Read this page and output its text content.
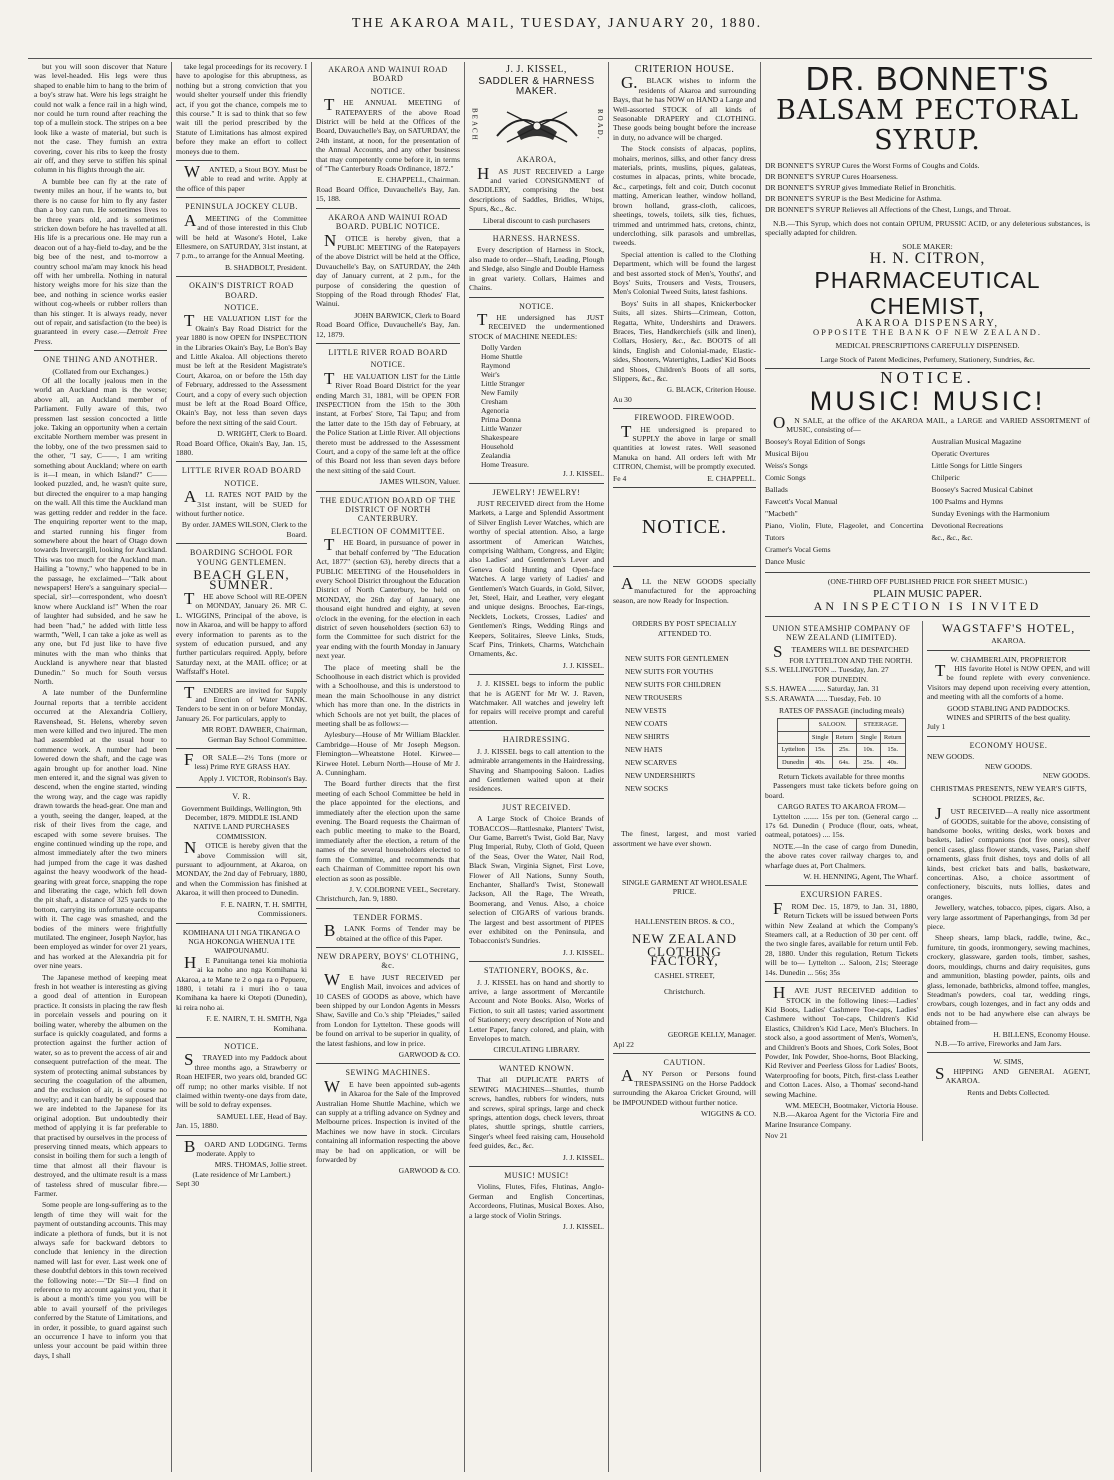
THE AKAROA MAIL, TUESDAY, JANUARY 20, 1880.

but you will soon discover that Nature was level-headed. His legs were thus shaped to enable him to hang to the brim of a boy's straw hat. Were his legs straight he could not walk a fence rail in a high wind, nor could he turn round after reaching the top of a mullein stock. The stripes on a bee look like a waste of material, but such is not the case. They furnish an extra covering, cover his ribs to keep the frosty air off, and they serve to stiffen his spinal column in his flights through the air.

A bumble bee can fly at the rate of twenty miles an hour, if he wants to, but there is no cause for him to fly any faster than a boy can run. He sometimes lives to be three years old, and is sometimes stricken down before he has travelled at all. His life is a precarious one. He may run a deacon out of a hay-field to-day, and be the big bee of the nest, and to-morrow a country school ma'am may knock his head off with her umbrella. Nothing in natural history weighs more for his size than the bee, and nothing in science works easier without cog-wheels or rubber rollers than than his stinger. It is always ready, never out of repair, and satisfaction (to the bee) is guaranteed in every case.—Detroit Free Press.

ONE THING AND ANOTHER.
(Collated from our Exchanges.)

Of all the locally jealous men in the world an Auckland man is the worse; above all, an Auckland member of Parliament. Fully aware of this, two pressmen last session concocted a little joke. Taking an opportunity when a certain excitable Northern member was present in the lobby, one of the two pressmen said to the other, "I say, C——, I am writing something about Auckland; where on earth is it—I mean, in which Island?" C——looked puzzled, and, he wasn't quite sure, but directed the enquirer to a map hanging on the wall. All this time the Auckland man was getting redder and redder in the face. The enquiring reporter went to the map, and started running his finger from somewhere about the heart of Otago down towards Invercargill, looking for Auckland. This was too much for the Auckland man. Hailing a "towny," who happened to be in the passage, he exclaimed—"Talk about newspapers! Here's a sanguinary special—special, sir!—correspondent, who doesn't know where Auckland is!" When the roar of laughter had subsided, and he saw he had been "had," he added with little less warmth, "Well, I can take a joke as well as any one, but I'd just like to have five minutes with the man who thinks that Auckland is anywhere near that blasted Dunedin." So much for South versus North.

A late number of the Dunfermline Journal reports that a terrible accident occurred at the Alexandria Colliery, Ravenshead, St. Helens, whereby seven men were killed and two injured. The men had assembled at the usual hour to commence work. A number had been lowered down the shaft, and the cage was again brought up for another load. Nine men entered it, and the signal was given to descend, when the engine started, winding the wrong way, and the cage was rapidly drawn towards the head-gear. One man and a youth, seeing the danger, leaped, at the risk of their lives from the cage, and escaped with some severe bruises. The engine continued winding up the rope, and almost immediately after the two miners had jumped from the cage it was dashed against the heavy woodwork of the head-gearing with great force, snapping the rope and liberating the cage, which fell down the pit shaft, a distance of 325 yards to the bottom, carrying its unfortunate occupants with it. The cage was smashed, and the bodies of the miners were frightfully mutilated. The engineer, Joseph Naylor, has been employed as winder for over 21 years, and has worked at the Alexandria pit for over nine years.

The Japanese method of keeping meat fresh in hot weather is interesting as giving a good deal of attention in European practice. It consists in placing the raw flesh in porcelain vessels and pouring on it boiling water, whereby the albumen on the surface is quickly coagulated, and forms a protection against the further action of water, so as to prevent the access of air and consequent putrefaction of the meat. The system of protecting animal substances by securing the coagulation of the albumen, and the exclusion of air, is of course no novelty; and it can hardly be supposed that we are indebted to the Japanese for its original adoption. But undoubtedly their method of applying it is far preferable to that practised by ourselves in the process of preserving tinned meats, which appears to consist in boiling them for such a length of time that almost all their flavour is destroyed, and the ultimate result is a mass of tasteless shred of muscular fibre.—Farmer.

Some people are long-suffering as to the length of time they will wait for the payment of outstanding accounts. This may indicate a plethora of funds, but it is not always safe for backward debtors to conclude that leniency in the direction named will last for ever. Last week one of these doubtful debtors in this town received the following note:—"Dr Sir—I find on reference to my account against you, that it is about a month's time you you will be able to avail yourself of the privileges conferred by the Statute of Limitations, and in order, it possible, to guard against such an occurrence I have to inform you that unless your account be paid within three days, I shall

take legal proceedings for its recovery. I have to apologise for this abruptness, as nothing but a strong conviction that you would shelter yourself under this friendly act, if you got the chance, compels me to this course." It is sad to think that so few wait till the period prescribed by the Statute of Limitations has almost expired before they make an effort to collect moneys due to them.

WANTED, a Stout BOY. Must be able to read and write. Apply at the office of this paper

PENINSULA JOCKEY CLUB.

AMEETING of the Committee and of those interested in this Club will be held at Wasone's Hotel, Lake Ellesmere, on SATURDAY, 31st instant, at 7 p.m., to arrange for the Annual Meeting.

B. SHADBOLT, President.
OKAIN'S DISTRICT ROAD BOARD.
NOTICE.

THE VALUATION LIST for the Okain's Bay Road District for the year 1880 is now OPEN for INSPECTION in the Libraries Okain's Bay, Le Bon's Bay and Little Akaloa. All objections thereto must be left at the Resident Magistrate's Court, Akaroa, on or before the 15th day of February, addressed to the Assessment Court, and a copy of every such objection must be left at the Road Board Office, Okain's Bay, not less than seven days before the next sitting of the said Court.

D. WRIGHT, Clerk to Board.
Road Board Office, Okain's Bay, Jan. 15, 1880.
LITTLE RIVER ROAD BOARD
NOTICE.

ALL RATES NOT PAID by the 31st instant, will be SUED for without further notice.

By order. JAMES WILSON, Clerk to the Board.
BOARDING SCHOOL FOR YOUNG GENTLEMEN.
BEACH GLEN, SUMNER.

THE above School will RE-OPEN on MONDAY, January 26. MR C. L. WIGGINS, Principal of the above, is now in Akaroa, and will be happy to afford every information to parents as to the system of education pursued, and any further particulars required. Apply, before Saturday next, at the MAIL office; or at Waffstaff's Hotel.

TENDERS are invited for Supply and Erection of Water TANK. Tenders to be sent in on or before Monday, January 26. For particulars, apply to

MR ROBT. DAWBER, Chairman, German Bay School Committee.

FOR SALE—2½ Tons (more or less) Prime RYE GRASS HAY.

Apply J. VICTOR, Robinson's Bay.
V. R.
Government Buildings, Wellington, 9th December, 1879. MIDDLE ISLAND NATIVE LAND PURCHASES COMMISSION.

NOTICE is hereby given that the above Commission will sit, pursuant to adjournment, at Akaroa, on MONDAY, the 2nd day of February, 1880, and when the Commission has finished at Akaroa, it will then proceed to Dunedin.

F. E. NAIRN, T. H. SMITH, Commissioners.
KOMIHANA UI I NGA TIKANGA O NGA HOKONGA WHENUA I TE WAIPOUNAMU.

HE Panuitanga tenei kia mohiotia ai ka noho ano nga Komihana ki Akaroa, a te Mane te 2 o nga ra o Pepuere, 1880, i tetahi ra i muri iho o taua Komihana ka haere ki Otepoti (Dunedin), ki reira noho ai.

F. E. NAIRN, T. H. SMITH, Nga Komihana.
NOTICE.

STRAYED into my Paddock about three months ago, a Strawberry or Roan HEIFER, two years old, branded GC off rump; no other marks visible. If not claimed within twenty-one days from date, will be sold to defray expenses.

SAMUEL LEE, Head of Bay.
Jan. 15, 1880.

BOARD AND LODGING. Terms moderate. Apply to

MRS. THOMAS, Jollie street.
(Late residence of Mr Lambert.)
Sept 30
AKAROA AND WAINUI ROAD BOARD
NOTICE.

THE ANNUAL MEETING of RATEPAYERS of the above Road District will be held at the Offices of the Board, Duvauchelle's Bay, on SATURDAY, the 24th instant, at noon, for the presentation of the Annual Accounts, and any other business that may competently come before it, in terms of "The Canterbury Roads Ordinance, 1872."

E. CHAPPELL, Chairman.
Road Board Office, Duvauchelle's Bay, Jan. 15, 188.
AKAROA AND WAINUI ROAD BOARD. PUBLIC NOTICE.

NOTICE is hereby given, that a PUBLIC MEETING of the Ratepayers of the above District will be held at the Office, Duvauchelle's Bay, on SATURDAY, the 24th day of January current, at 2 p.m., for the purpose of considering the question of Stopping of the Road through Rhodes' Flat, Wainui.

JOHN BARWICK, Clerk to Board
Road Board Office, Duvauchelle's Bay, Jan. 12, 1879.
LITTLE RIVER ROAD BOARD
NOTICE.

THE VALUATION LIST for the Little River Road Board District for the year ending March 31, 1881, will be OPEN FOR INSPECTION from the 15th to the 30th instant, at Forbes' Store, Tai Tapu; and from the latter date to the 15th day of February, at the Police Station at Little River. All objections thereto must be addressed to the Assessment Court, and a copy of the same left at the office of this Board not less than seven days before the next sitting of the said Court.

JAMES WILSON, Valuer.
THE EDUCATION BOARD OF THE DISTRICT OF NORTH CANTERBURY.
ELECTION OF COMMITTEE.

THE Board, in pursuance of power in that behalf conferred by "The Education Act, 1877" (section 63), hereby directs that a PUBLIC MEETING of the Householders in every School District throughout the Education District of North Canterbury, be held on MONDAY, the 26th day of January, one thousand eight hundred and eighty, at seven o'clock in the evening, for the election in each district of seven householders (section 63) to form the Committee for such district for the year ending with the fourth Monday in January next year.

The place of meeting shall be the Schoolhouse in each district which is provided with a Schoolhouse, and this is understood to mean the main Schoolhouse in any district which has more than one. In the districts in which Schools are not yet built, the places of meeting shall be as follows:—

Aylesbury—House of Mr William Blackler. Cambridge—House of Mr Joseph Megson. Flemington—Wheatstone Hotel. Kirwee—Kirwee Hotel. Leburn North—House of Mr J. A. Cunningham.

The Board further directs that the first meeting of each School Committee be held in the place appointed for the elections, and immediately after the election upon the same evening. The Board requests the Chairman of each public meeting to make to the Board, immediately after the election, a return of the names of the several householders elected to form the Committee, and recommends that each Chairman of Committee report his own election as soon as possible.

J. V. COLBORNE VEEL, Secretary.
Christchurch, Jan. 9, 1880.
TENDER FORMS.

BLANK Forms of Tender may be obtained at the office of this Paper.

NEW DRAPERY, BOYS' CLOTHING, &c.

WE have JUST RECEIVED per English Mail, invoices and advices of 10 CASES of GOODS as above, which have been shipped by our London Agents in Messrs Shaw, Saville and Co.'s ship "Pleiades," sailed from London for Lyttelton. These goods will be found on arrival to be superior in quality, of the latest fashions, and low in price.

GARWOOD & CO.
SEWING MACHINES.

WE have been appointed sub-agents in Akaroa for the Sale of the Improved Australian Home Shuttle Machine, which we can supply at a trifling advance on Sydney and Melbourne prices. Inspection is invited of the Machines we now have in stock. Circulars containing all information respecting the above may be had on application, or will be forwarded by

GARWOOD & CO.
J. J. KISSEL,
SADDLER & HARNESS MAKER.
BEACH	ROAD,
AKAROA,

HAS JUST RECEIVED a Large and varied CONSIGNMENT of SADDLERY, comprising the best descriptions of Saddles, Bridles, Whips, Spurs, &c., &c.

Liberal discount to cash purchasers
HARNESS. HARNESS.

Every description of Harness in Stock, also made to order—Shaft, Leading, Plough and Sledge, also Single and Double Harness in great variety. Collars, Haimes and Chains.

NOTICE.

THE undersigned has JUST RECEIVED the undermentioned STOCK of MACHINE NEEDLES:

Dolly Varden
Home Shuttle
Raymond
Weir's
Little Stranger
New Family
Cresham
Agenoria
Prima Donna
Little Wanzer
Shakespeare
Household
Zealandia
Home Treasure.
J. J. KISSEL.
JEWELRY! JEWELRY!

JUST RECEIVED direct from the Home Markets, a Large and Splendid Assortment of Silver English Lever Watches, which are worthy of special attention. Also, a large assortment of American Watches, comprising Waltham, Congress, and Elgin; also Ladies' and Gentlemen's Lever and Geneva Gold Hunting and Open-face Watches. A large variety of Ladies' and Gentlemen's Watch Guards, in Gold, Silver, Jet, Steel, Hair, and Leather, very elegant and unique designs. Brooches, Ear-rings, Necklets, Lockets, Crosses, Ladies' and Gentlemen's Rings, Wedding Rings and Keepers, Solitaires, Sleeve Links, Studs, Scarf Pins, Trinkets, Charms, Watchchain Ornaments, &c.

J. J. KISSEL.

J. J. KISSEL begs to inform the public that he is AGENT for Mr W. J. Raven, Watchmaker. All watches and jewelry left for repairs will receive prompt and careful attention.

HAIRDRESSING.

J. J. KISSEL begs to call attention to the admirable arrangements in the Hairdressing, Shaving and Shampooing Saloon. Ladies and Gentlemen waited upon at their residences.

JUST RECEIVED.

A Large Stock of Choice Brands of TOBACCOS—Rattlesnake, Planters' Twist, Our Game, Barrett's Twist, Gold Bar, Navy Plug Imperial, Ruby, Cloth of Gold, Queen of the Seas, Over the Water, Nail Rod, Black Swan, Virginia Signet, First Love, Flower of All Nations, Sunny South, Enchanter, Shallard's Twist, Stonewall Jackson, All the Rage, The Wreath, Boomerang, and Venus. Also, a choice selection of CIGARS of various brands. The largest and best assortment of PIPES ever exhibited on the Peninsula, and Tobacconist's Sundries.

J. J. KISSEL.
STATIONERY, BOOKS, &c.

J. J. KISSEL has on hand and shortly to arrive, a large assortment of Mercantile Account and Note Books. Also, Works of Fiction, to suit all tastes; varied assortment of Stationery; every description of Note and Letter Paper, fancy colored, and plain, with Envelopes to match.

CIRCULATING LIBRARY.
WANTED KNOWN.

That all DUPLICATE PARTS of SEWING MACHINES—Shuttles, thumb screws, handles, rubbers for winders, nuts and screws, spiral springs, large and check springs, attention dogs, check levers, throat plates, shuttle springs, shuttle carriers, Singer's wheel feed raising cam, Household feed guides, &c., &c.

J. J. KISSEL.
MUSIC! MUSIC!

Violins, Flutes, Fifes, Flutinas, Anglo-German and English Concertinas, Accordeons, Flutinas, Musical Boxes. Also, a large stock of Violin Strings.

J. J. KISSEL.
CRITERION HOUSE.

G.BLACK wishes to inform the residents of Akaroa and surrounding Bays, that he has NOW on HAND a Large and Well-assorted STOCK of all kinds of Seasonable DRAPERY and CLOTHING. These goods being bought before the increase in duty, no advance will be charged.

The Stock consists of alpacas, poplins, mohairs, merinos, silks, and other fancy dress materials, prints, muslins, piques, galateas, costumes in alpacas, prints, white brocade, &c., carpetings, felt and coir, Dutch coconut matting, American leather, window holland, brown holland, grass-cloth, calicoes, sheetings, towels, toilets, silk ties, fichues, trimmed and untrimmed hats, cretons, chintz, underclothing, silk parasols and umbrellas, tweeds.

Special attention is called to the Clothing Department, which will be found the largest and best assorted stock of Men's, Youths', and Boys' Suits, Trousers and Vests, Trousers, Men's Colonial Tweed Suits, latest fashions.

Boys' Suits in all shapes, Knickerbocker Suits, all sizes. Shirts—Crimean, Cotton, Regatta, White, Undershirts and Drawers. Braces, Ties, Handkerchiefs (silk and linen), Collars, Hosiery, &c., &c. BOOTS of all kinds, English and Colonial-made, Elastic-sides, Shooters, Watertights, Ladies' Kid Boots and Shoes, Children's Boots of all sorts, Slippers, &c., &c.

G. BLACK, Criterion House.
Au 30
FIREWOOD. FIREWOOD.

THE undersigned is prepared to SUPPLY the above in large or small quantities at lowest rates. Well seasoned Manuka on hand. All orders left with Mr CITRON, Chemist, will be promptly executed.

Fe 4	E. CHAPPELL.
NOTICE.

ALL the NEW GOODS specially manufactured for the approaching season, are now Ready for Inspection.

ORDERS BY POST SPECIALLY ATTENDED TO.
NEW SUITS FOR GENTLEMEN
NEW SUITS FOR YOUTHS
NEW SUITS FOR CHILDREN
NEW TROUSERS
NEW VESTS
NEW COATS
NEW SHIRTS
NEW HATS
NEW SCARVES
NEW UNDERSHIRTS
NEW SOCKS

The finest, largest, and most varied assortment we have ever shown.

SINGLE GARMENT AT WHOLESALE PRICE.
HALLENSTEIN BROS. & CO.,
NEW ZEALAND
CLOTHING FACTORY,
CASHEL STREET,
Christchurch.
GEORGE KELLY, Manager.
Apl 22
CAUTION.

ANY Person or Persons found TRESPASSING on the Horse Paddock surrounding the Akaroa Cricket Ground, will be IMPOUNDED without further notice.

WIGGINS & CO.
DR. BONNET'S
BALSAM PECTORAL SYRUP.
DR BONNET'S SYRUP Cures the Worst Forms of Coughs and Colds.
DR BONNET'S SYRUP Cures Hoarseness.
DR BONNET'S SYRUP gives Immediate Relief in Bronchitis.
DR BONNET'S SYRUP is the Best Medicine for Asthma.
DR BONNET'S SYRUP Relieves all Affections of the Chest, Lungs, and Throat.

N.B.—This Syrup, which does not contain OPIUM, PRUSSIC ACID, or any deleterious substances, is specially adapted for children.

SOLE MAKER:
H. N. CITRON,
PHARMACEUTICAL CHEMIST,
AKAROA DISPENSARY,
OPPOSITE THE BANK OF NEW ZEALAND.
MEDICAL PRESCRIPTIONS CAREFULLY DISPENSED.
Large Stock of Patent Medicines, Perfumery, Stationery, Sundries, &c.
NOTICE.
MUSIC! MUSIC!

ON SALE, at the office of the AKAROA MAIL, a LARGE and VARIED ASSORTMENT of MUSIC, consisting of—

Boosey's Royal Edition of Songs
Musical Bijou
Weiss's Songs
Comic Songs
Ballads
Fawcett's Vocal Manual
"Macbeth"
Piano, Violin, Flute, Flageolet, and Concertina Tutors
Cramer's Vocal Gems
Dance Music
Australian Musical Magazine
Operatic Overtures
Little Songs for Little Singers
Chilperic
Boosey's Sacred Musical Cabinet
100 Psalms and Hymns
Sunday Evenings with the Harmonium
Devotional Recreations
&c., &c., &c.
(ONE-THIRD OFF PUBLISHED PRICE FOR SHEET MUSIC.)
PLAIN MUSIC PAPER.
AN INSPECTION IS INVITED
UNION STEAMSHIP COMPANY OF NEW ZEALAND (LIMITED).

STEAMERS WILL BE DESPATCHED

FOR LYTTELTON AND THE NORTH.
S.S. WELLINGTON ... Tuesday, Jan. 27
FOR DUNEDIN.
S.S. HAWEA ......... Saturday, Jan. 31
S.S. ARAWATA ...... Tuesday, Feb. 10
RATES OF PASSAGE (including meals)
	SALOON.		STEERAGE.	
	Single	Return	Single	Return
Lyttelton	15s.	25s.	10s.	15s.
Dunedin	40s.	64s.	25s.	40s.
Return Tickets available for three months

Passengers must take tickets before going on board.

CARGO RATES TO AKAROA FROM—

Lyttelton ........ 15s per ton. (General cargo ... 17s 6d. Dunedin ( Produce (flour, oats, wheat, oatmeal, potatoes) .... 15s.

NOTE.—In the case of cargo from Dunedin, the above rates cover railway charges to, and wharfage dues at, Port Chalmers.

W. H. HENNING, Agent, The Wharf.
EXCURSION FARES.

FROM Dec. 15, 1879, to Jan. 31, 1880, Return Tickets will be issued between Ports within New Zealand at which the Company's Steamers call, at a Reduction of 30 per cent. off the two single fares, available for return until Feb. 28, 1880. Under this regulation, Return Tickets will be to— Lyttelton ... Saloon, 21s; Steerage 14s. Dunedin ... 56s; 35s

HAVE JUST RECEIVED addition to STOCK in the following lines:—Ladies' Kid Boots, Ladies' Cashmere Toe-caps, Ladies' Cashmere without Toe-caps, Children's Kid Elastics, Children's Kid Lace, Men's Bluchers. In stock also, a good assortment of Men's, Women's, and Children's Boots and Shoes, Cork Soles, Boot Powder, Ink Powder, Shoe-horns, Boot Blacking, Kid Reviver and Peerless Gloss for Ladies' Boots, Waterproofing for boots, Pitch, first-class Leather and Cotton Laces. Also, a Thomas' second-hand sewing Machine.

WM. MEECH, Bootmaker, Victoria House.

N.B.—Akaroa Agent for the Victoria Fire and Marine Insurance Company.

Nov 21
WAGSTAFF'S HOTEL,
AKAROA.
W. CHAMBERLAIN, PROPRIETOR

THIS favorite Hotel is NOW OPEN, and will be found replete with every convenience. Visitors may depend upon receiving every attention, and meeting with all the comforts of a home.

GOOD STABLING AND PADDOCKS.
WINES and SPIRITS of the best quality.
July 1
ECONOMY HOUSE.
NEW GOODS.
NEW GOODS.
NEW GOODS.
CHRISTMAS PRESENTS, NEW YEAR'S GIFTS, SCHOOL PRIZES, &c.

JUST RECEIVED—A really nice assortment of GOODS, suitable for the above, consisting of handsome books, writing desks, work boxes and baskets, ladies' companions (not five ones), silver pencil cases, glass flower stands, vases, Parian shelf ornaments, glass fruit dishes, toys and dolls of all kinds, best cricket bats and balls, basketware, concertinas. Also, a choice assortment of confectionery, biscuits, nuts lollies, dates and oranges.

Jewellery, watches, tobacco, pipes, cigars. Also, a very large assortment of Paperhangings, from 3d per piece.

Sheep shears, lamp black, raddle, twine, &c., furniture, tin goods, ironmongery, sewing machines, crockery, glassware, garden tools, timber, sashes, doors, mouldings, churns and dairy requisites, guns and ammunition, blasting powder, paints, oils and glass, lemonade, bathbricks, almond toffee, mangles, Steadman's powders, coal tar, wedding rings, crowbars, cough lozenges, and in fact any odds and ends not to be had anywhere else can always be obtained from—

H. BILLENS, Economy House.

N.B.—To arrive, Fireworks and Jam Jars.

W. SIMS,

SHIPPING AND GENERAL AGENT, AKAROA.

Rents and Debts Collected.
